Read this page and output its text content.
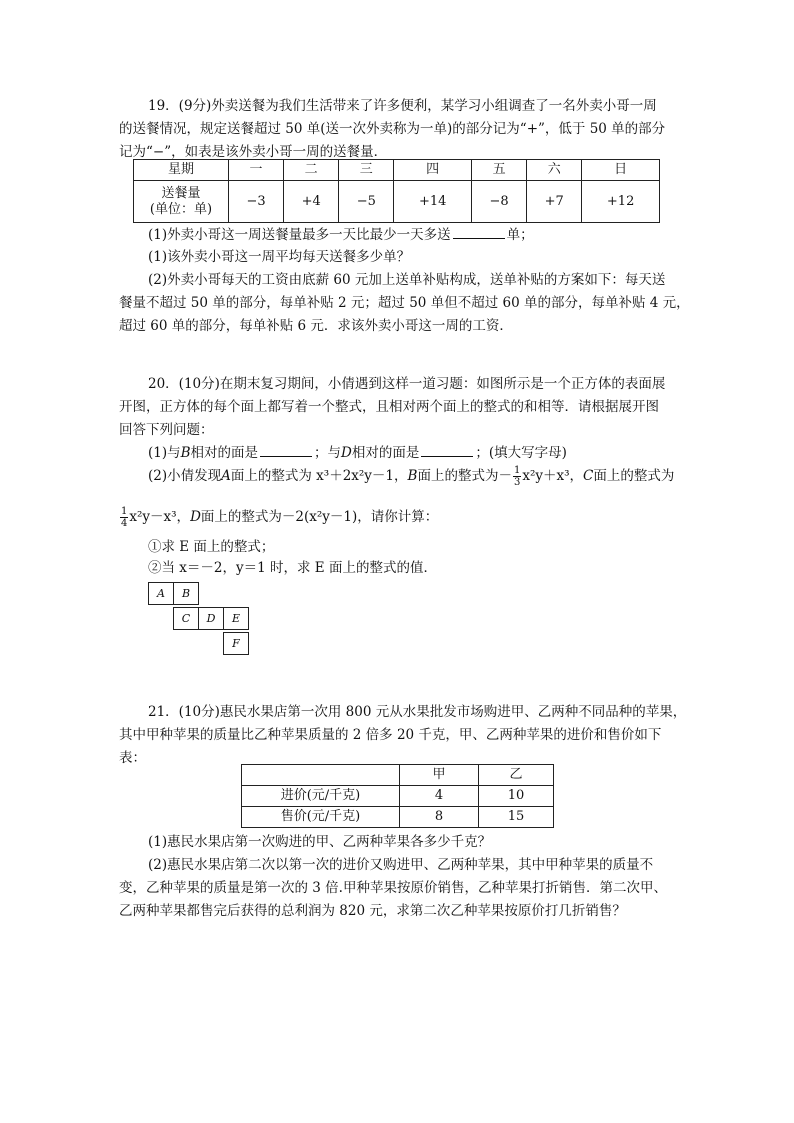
19．(9分)外卖送餐为我们生活带来了许多便利，某学习小组调查了一名外卖小哥一周
的送餐情况，规定送餐超过 50 单(送一次外卖称为一单)的部分记为“+”，低于 50 单的部分
记为“−”，如表是该外卖小哥一周的送餐量．
星期	一	二	三	四	五	六	日

送餐量
(单位：单)	−3	+4	−5	+14	−8	+7	+12
(1)外卖小哥这一周送餐量最多一天比最少一天多送	单；
(1)该外卖小哥这一周平均每天送餐多少单？
(2)外卖小哥每天的工资由底薪 60 元加上送单补贴构成，送单补贴的方案如下：每天送
餐量不超过 50 单的部分，每单补贴 2 元；超过 50 单但不超过 60 单的部分，每单补贴 4 元，
超过 60 单的部分，每单补贴 6 元．求该外卖小哥这一周的工资．
20．(10分)在期末复习期间，小倩遇到这样一道习题：如图所示是一个正方体的表面展
开图，正方体的每个面上都写着一个整式，且相对两个面上的整式的和相等．请根据展开图
回答下列问题：
(1)与B相对的面是	；与D相对的面是	；(填大写字母)
(2)小倩发现A面上的整式为 x³＋2x²y－1，B面上的整式为－ $\frac{1}{3} x^2y+x^3$，C面上的整式为
$\frac{1}{4} x^2y-x^3$，D面上的整式为－2(x²y－1)，请你计算：
①求 E 面上的整式；
②当 x＝－2，y＝1 时，求 E 面上的整式的值．
A	B
C	D	E
F
21．(10分)惠民水果店第一次用 800 元从水果批发市场购进甲、乙两种不同品种的苹果，
其中甲种苹果的质量比乙种苹果质量的 2 倍多 20 千克，甲、乙两种苹果的进价和售价如下
表：
	甲	乙
进价(元/千克)	4	10
售价(元/千克)	8	15
(1)惠民水果店第一次购进的甲、乙两种苹果各多少千克？
(2)惠民水果店第二次以第一次的进价又购进甲、乙两种苹果，其中甲种苹果的质量不
变，乙种苹果的质量是第一次的 3 倍.甲种苹果按原价销售，乙种苹果打折销售．第二次甲、
乙两种苹果都售完后获得的总利润为 820 元，求第二次乙种苹果按原价打几折销售？
